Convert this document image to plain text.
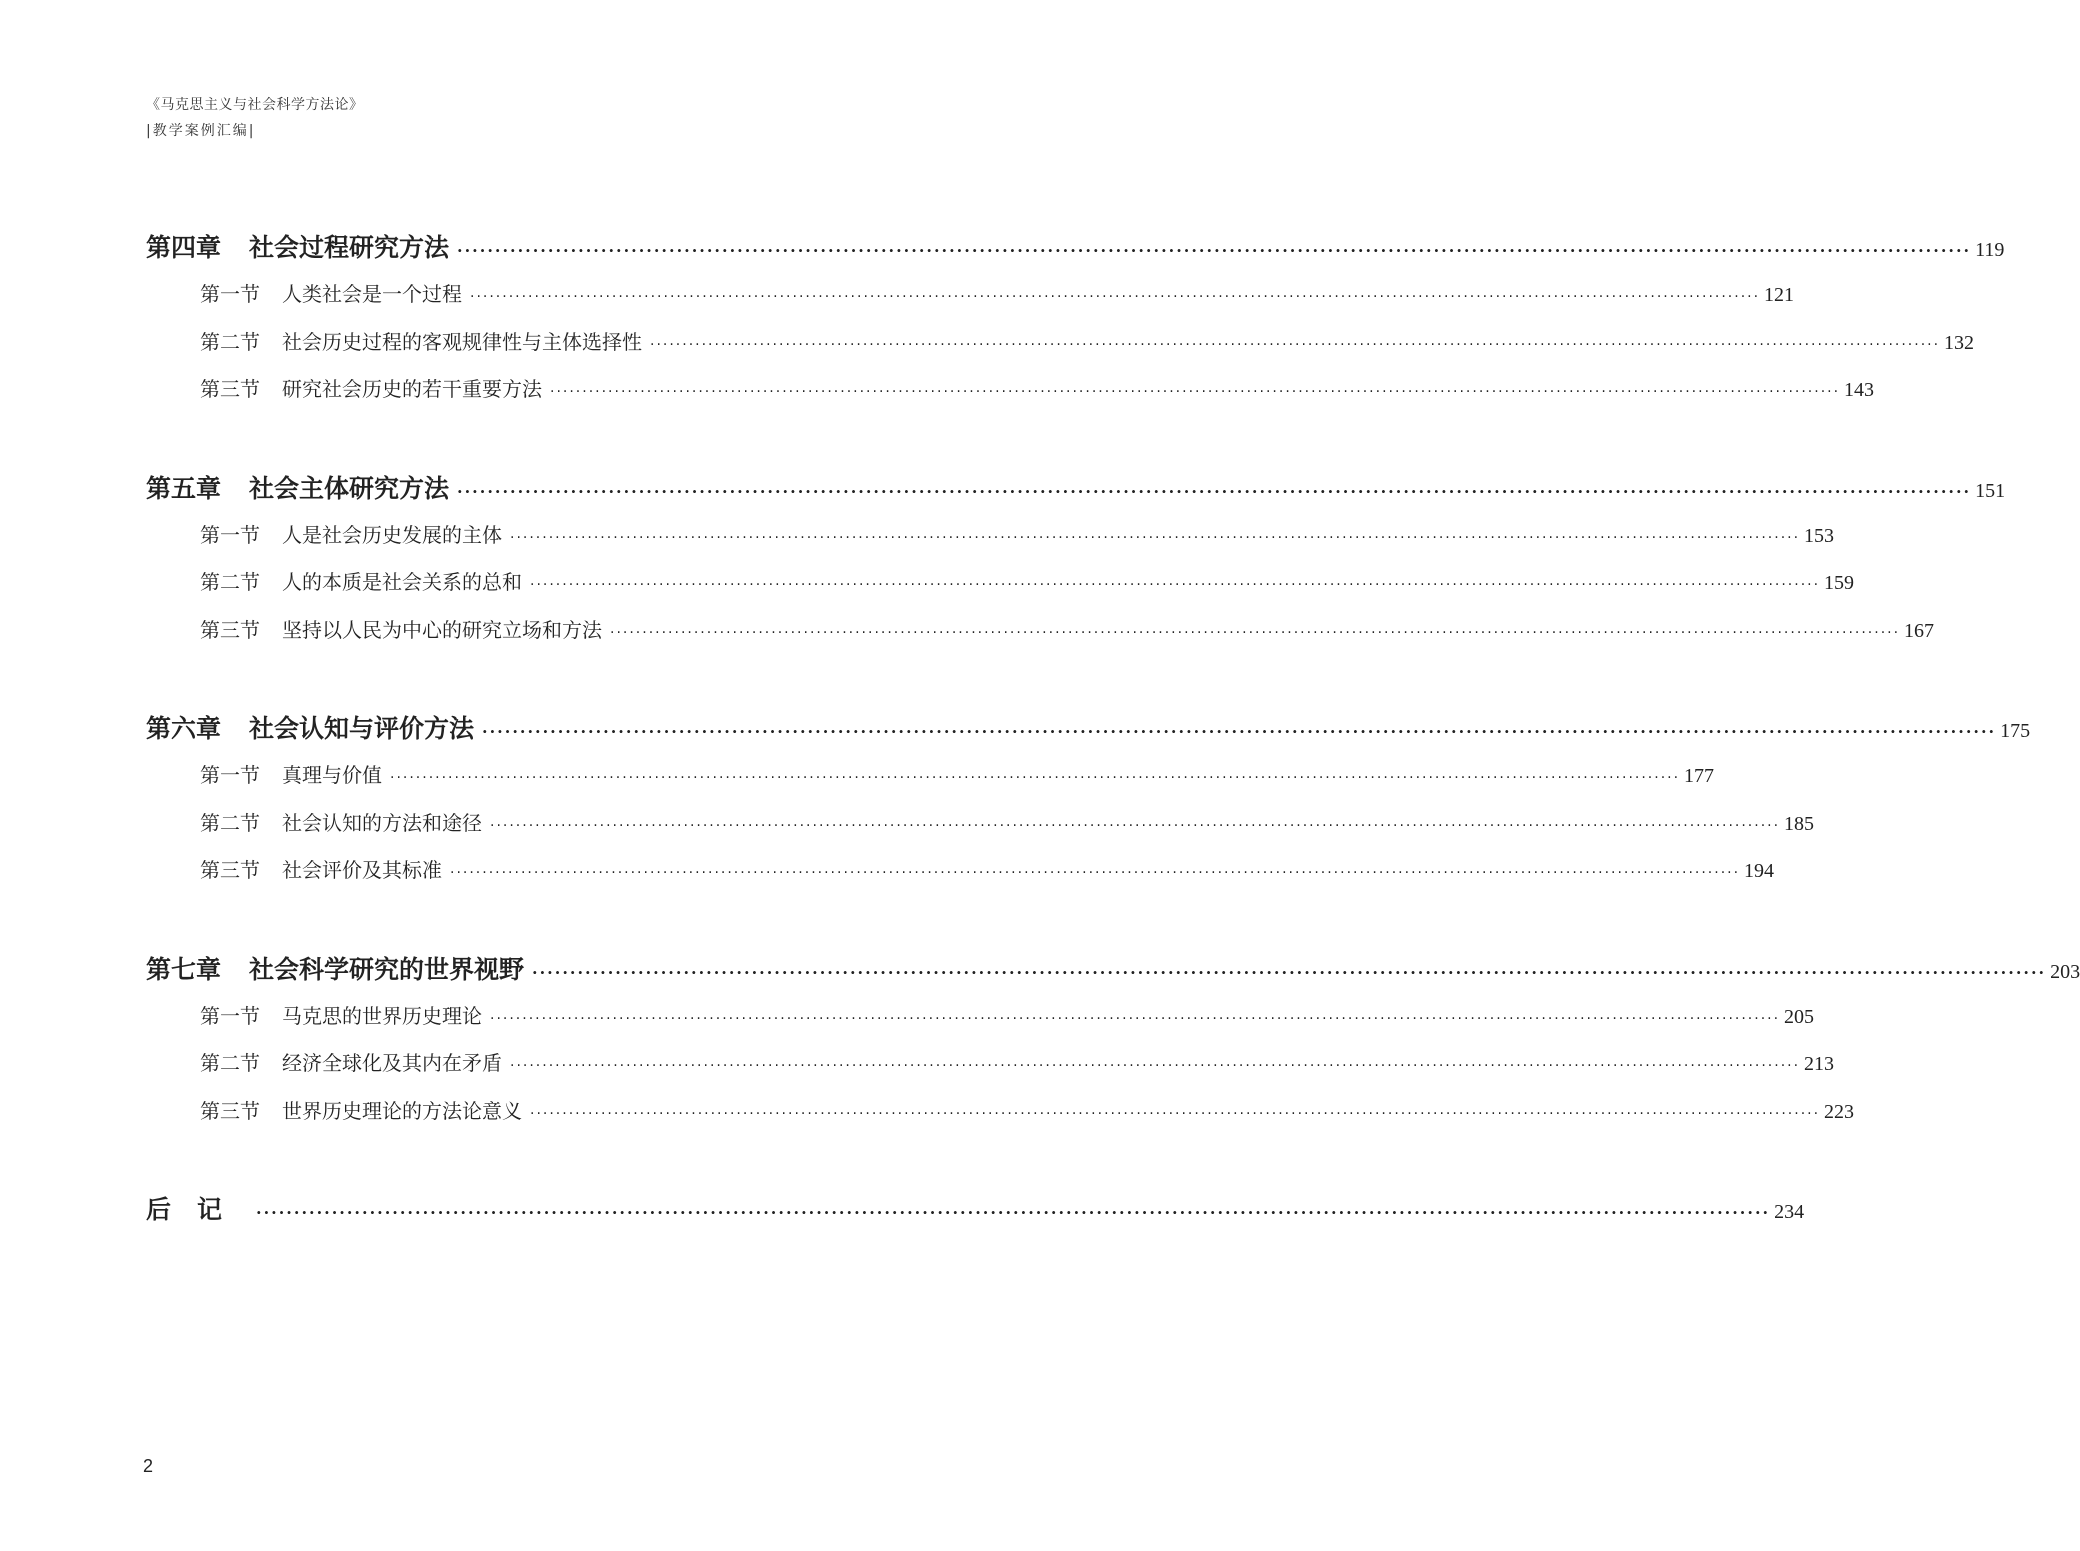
《马克思主义与社会科学方法论》
|教学案例汇编|
第四章 社会过程研究方法 ········································································································································································································ 119
第一节 人类社会是一个过程 ········································································································································································································ 121
第二节 社会历史过程的客观规律性与主体选择性 ········································································································································································································ 132
第三节 研究社会历史的若干重要方法 ········································································································································································································ 143
第五章 社会主体研究方法 ········································································································································································································ 151
第一节 人是社会历史发展的主体 ········································································································································································································ 153
第二节 人的本质是社会关系的总和 ········································································································································································································ 159
第三节 坚持以人民为中心的研究立场和方法 ········································································································································································································ 167
第六章 社会认知与评价方法 ········································································································································································································ 175
第一节 真理与价值 ········································································································································································································ 177
第二节 社会认知的方法和途径 ········································································································································································································ 185
第三节 社会评价及其标准 ········································································································································································································ 194
第七章 社会科学研究的世界视野 ········································································································································································································ 203
第一节 马克思的世界历史理论 ········································································································································································································ 205
第二节 经济全球化及其内在矛盾 ········································································································································································································ 213
第三节 世界历史理论的方法论意义 ········································································································································································································ 223
后记 ········································································································································································································ 234
2
